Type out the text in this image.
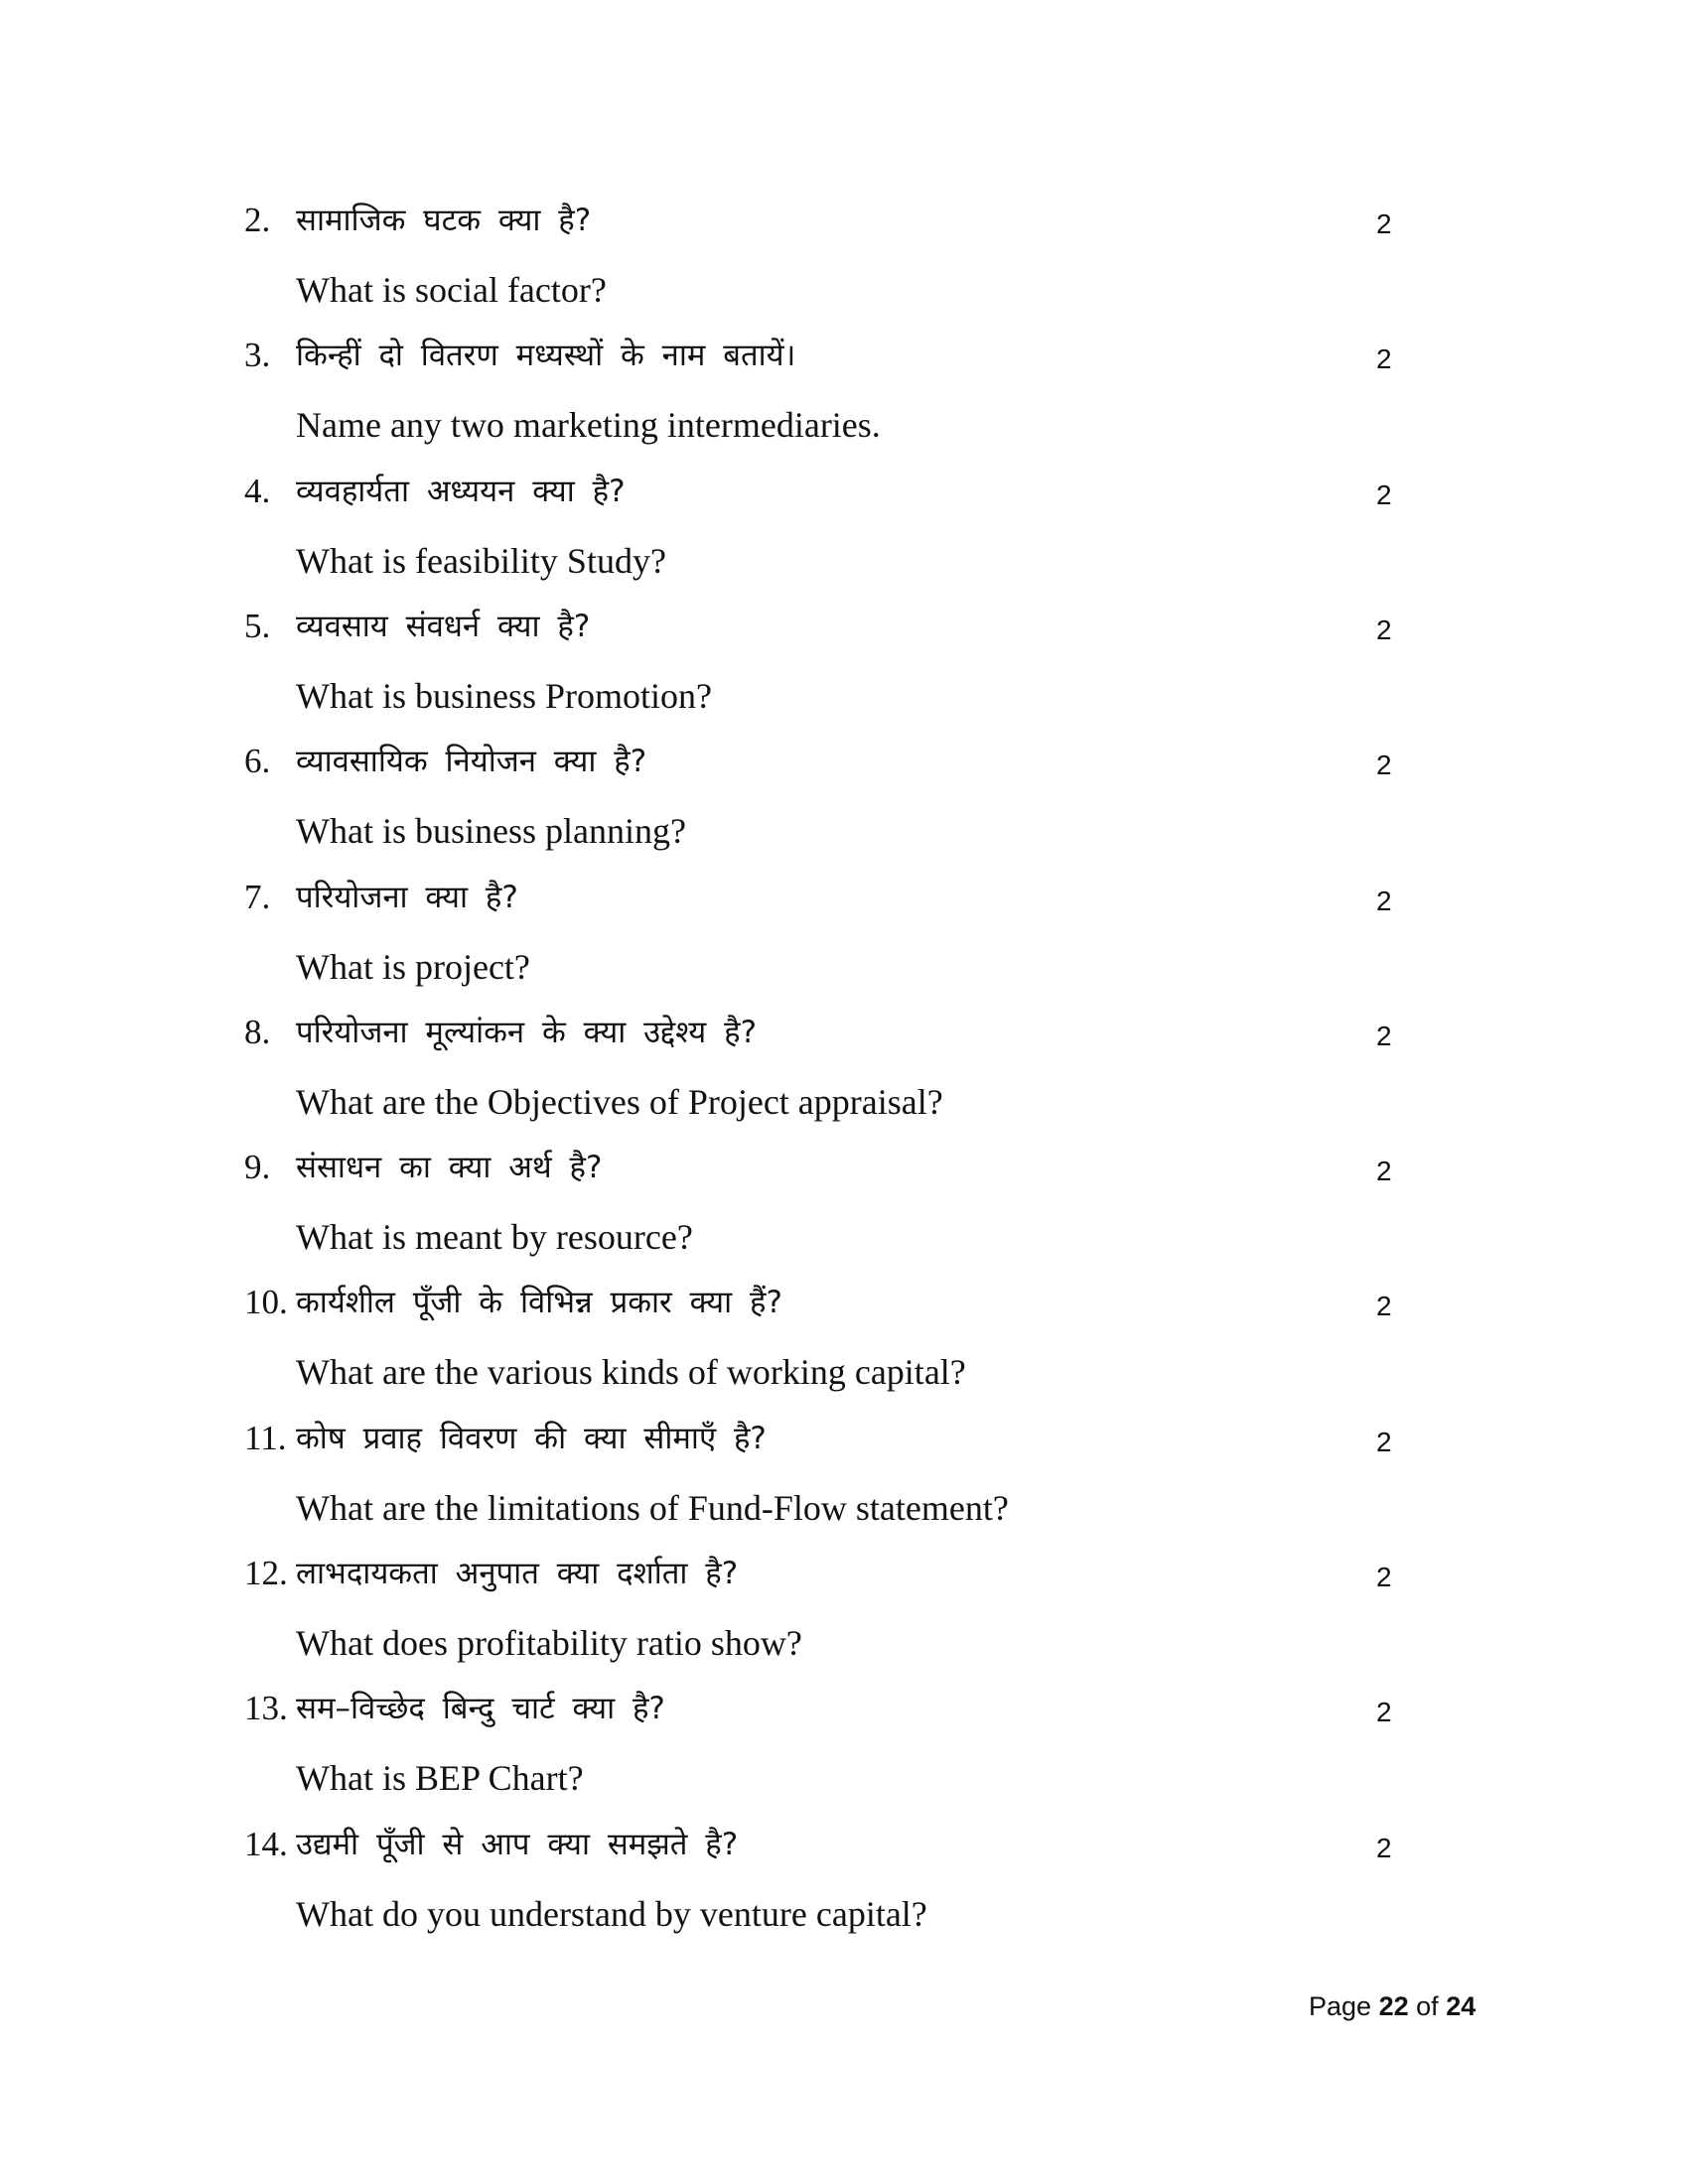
2. सामाजिक घटक क्या है?
What is social factor?
2
3. किन्हीं दो वितरण मध्यस्थों के नाम बतायें।
Name any two marketing intermediaries.
2
4. व्यवहार्यता अध्ययन क्या है?
What is feasibility Study?
2
5. व्यवसाय संवधर्न क्या है?
What is business Promotion?
2
6. व्यावसायिक नियोजन क्या है?
What is business planning?
2
7. परियोजना क्या है?
What is project?
2
8. परियोजना मूल्यांकन के क्या उद्देश्य है?
What are the Objectives of Project appraisal?
2
9. संसाधन का क्या अर्थ है?
What is meant by resource?
2
10. कार्यशील पूँजी के विभिन्न प्रकार क्या हैं?
What are the various kinds of working capital?
2
11. कोष प्रवाह विवरण की क्या सीमाएँ है?
What are the limitations of Fund-Flow statement?
2
12. लाभदायकता अनुपात क्या दर्शाता है?
What does profitability ratio show?
2
13. सम–विच्छेद बिन्दु चार्ट क्या है?
What is BEP Chart?
2
14. उद्यमी पूँजी से आप क्या समझते है?
What do you understand by venture capital?
2
Page 22 of 24
